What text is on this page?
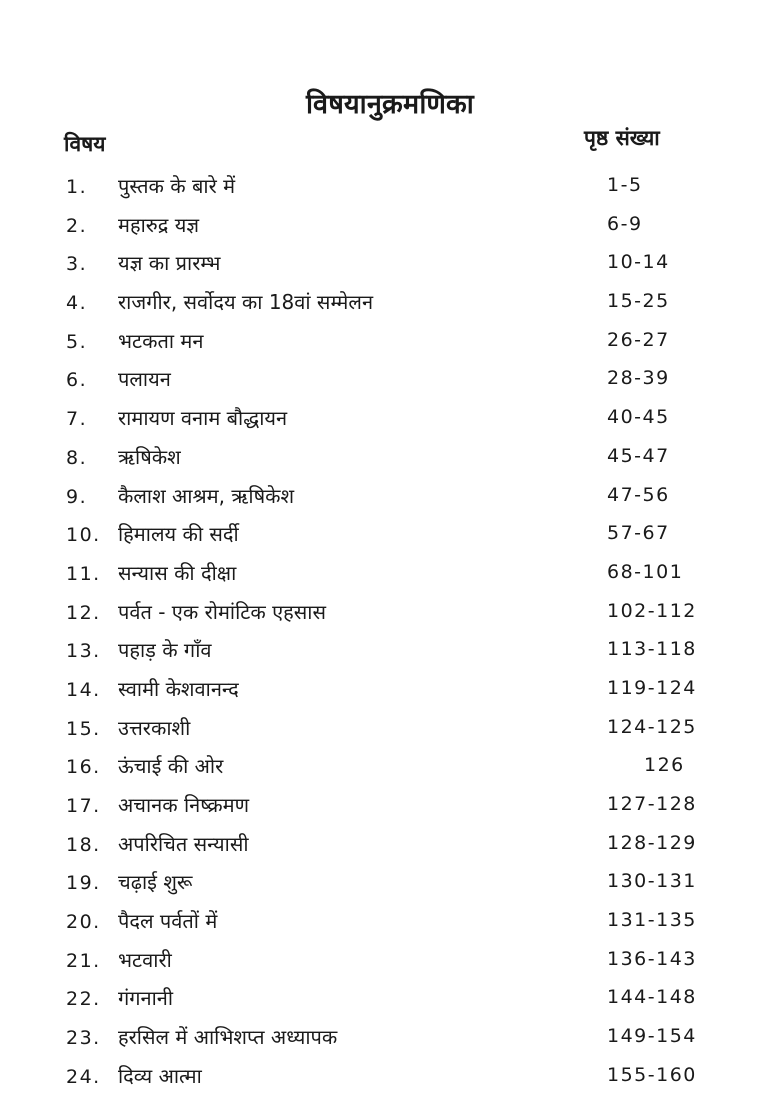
विषयानुक्रमणिका
विषय	पृष्ठ संख्या
1. पुस्तक के बारे में	1-5
2. महारुद्र यज्ञ	6-9
3. यज्ञ का प्रारम्भ	10-14
4. राजगीर, सर्वोदय का 18वां सम्मेलन	15-25
5. भटकता मन	26-27
6. पलायन	28-39
7. रामायण वनाम बौद्धायन	40-45
8. ऋषिकेश	45-47
9. कैलाश आश्रम, ऋषिकेश	47-56
10. हिमालय की सर्दी	57-67
11. सन्यास की दीक्षा	68-101
12. पर्वत - एक रोमांटिक एहसास	102-112
13. पहाड़ के गाँव	113-118
14. स्वामी केशवानन्द	119-124
15. उत्तरकाशी	124-125
16. ऊंचाई की ओर	126
17. अचानक निष्क्रमण	127-128
18. अपरिचित सन्यासी	128-129
19. चढ़ाई शुरू	130-131
20. पैदल पर्वतों में	131-135
21. भटवारी	136-143
22. गंगनानी	144-148
23. हरसिल में आभिशप्त अध्यापक	149-154
24. दिव्य आत्मा	155-160
